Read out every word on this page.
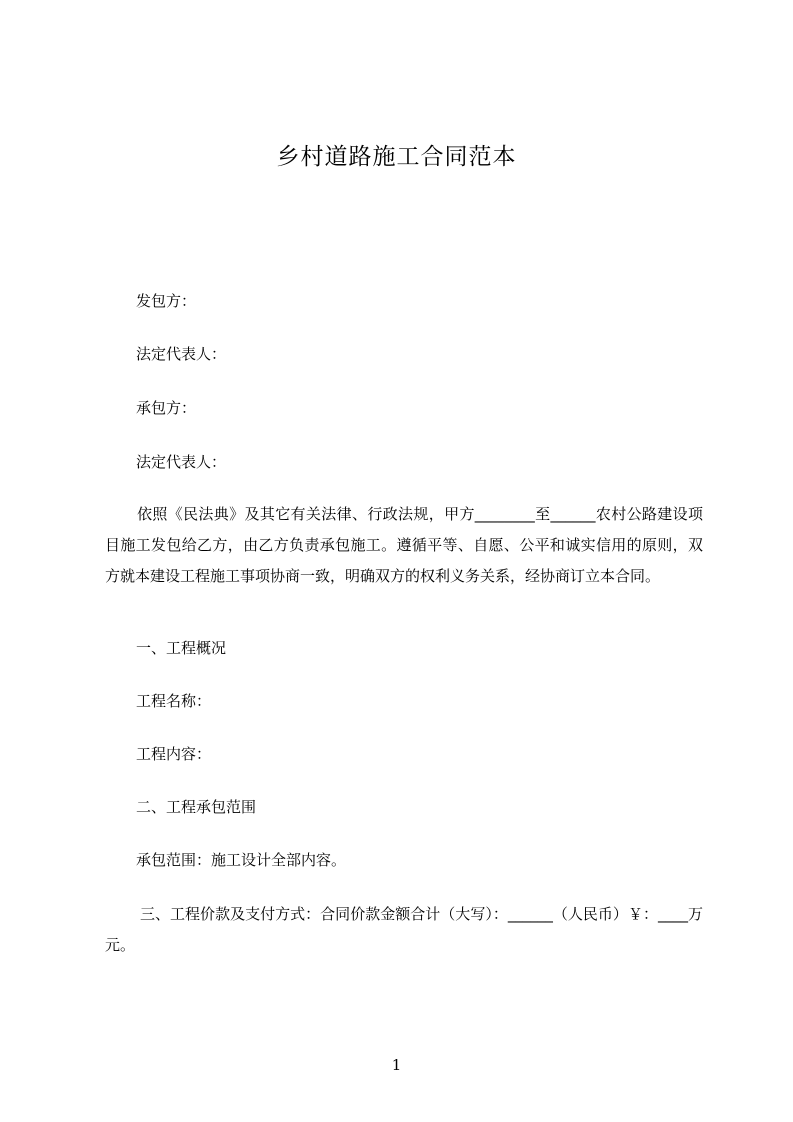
乡村道路施工合同范本
发包方：
法定代表人：
承包方：
法定代表人：
依照《民法典》及其它有关法律、行政法规，甲方________至______农村公路建设项目施工发包给乙方，由乙方负责承包施工。遵循平等、自愿、公平和诚实信用的原则，双方就本建设工程施工事项协商一致，明确双方的权利义务关系，经协商订立本合同。
一、工程概况
工程名称：
工程内容：
二、工程承包范围
承包范围：施工设计全部内容。
三、工程价款及支付方式：合同价款金额合计（大写）：______（人民币）￥：____万元。
1
